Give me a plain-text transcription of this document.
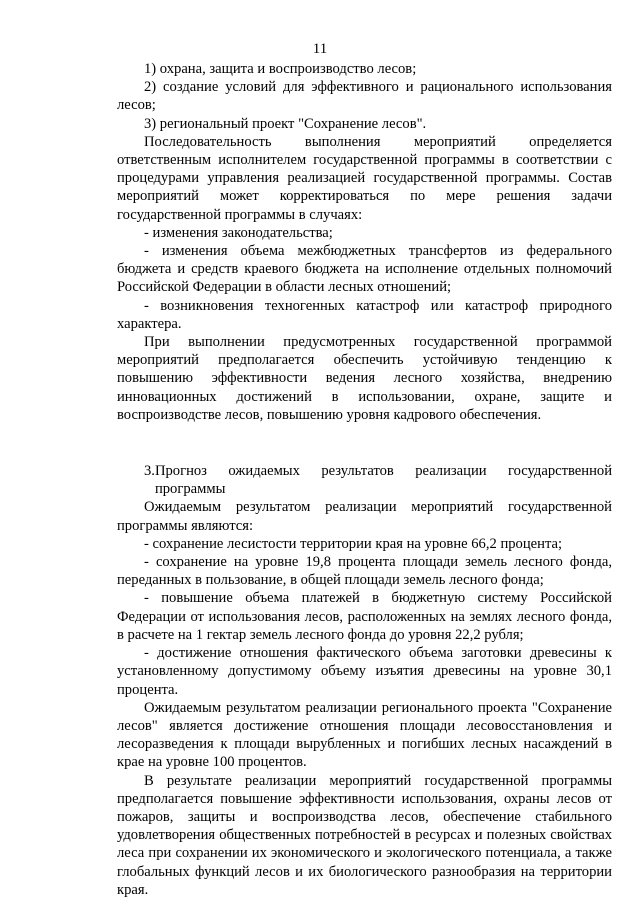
11

1) охрана, защита и воспроизводство лесов;

2) создание условий для эффективного и рационального использования лесов;

3) региональный проект "Сохранение лесов".

Последовательность выполнения мероприятий определяется ответственным исполнителем государственной программы в соответствии с процедурами управления реализацией государственной программы. Состав мероприятий может корректироваться по мере решения задачи государственной программы в случаях:

- изменения законодательства;

- изменения объема межбюджетных трансфертов из федерального бюджета и средств краевого бюджета на исполнение отдельных полномочий Российской Федерации в области лесных отношений;

- возникновения техногенных катастроф или катастроф природного характера.

При выполнении предусмотренных государственной программой мероприятий предполагается обеспечить устойчивую тенденцию к повышению эффективности ведения лесного хозяйства, внедрению инновационных достижений в использовании, охране, защите и воспроизводстве лесов, повышению уровня кадрового обеспечения.

3. Прогноз ожидаемых результатов реализации государственной программы

Ожидаемым результатом реализации мероприятий государственной программы являются:

- сохранение лесистости территории края на уровне 66,2 процента;

- сохранение на уровне 19,8 процента площади земель лесного фонда, переданных в пользование, в общей площади земель лесного фонда;

- повышение объема платежей в бюджетную систему Российской Федерации от использования лесов, расположенных на землях лесного фонда, в расчете на 1 гектар земель лесного фонда до уровня 22,2 рубля;

- достижение отношения фактического объема заготовки древесины к установленному допустимому объему изъятия древесины на уровне 30,1 процента.

Ожидаемым результатом реализации регионального проекта "Сохранение лесов" является достижение отношения площади лесовосстановления и лесоразведения к площади вырубленных и погибших лесных насаждений в крае на уровне 100 процентов.

В результате реализации мероприятий государственной программы предполагается повышение эффективности использования, охраны лесов от пожаров, защиты и воспроизводства лесов, обеспечение стабильного удовлетворения общественных потребностей в ресурсах и полезных свойствах леса при сохранении их экономического и экологического потенциала, а также глобальных функций лесов и их биологического разнообразия на территории края.
